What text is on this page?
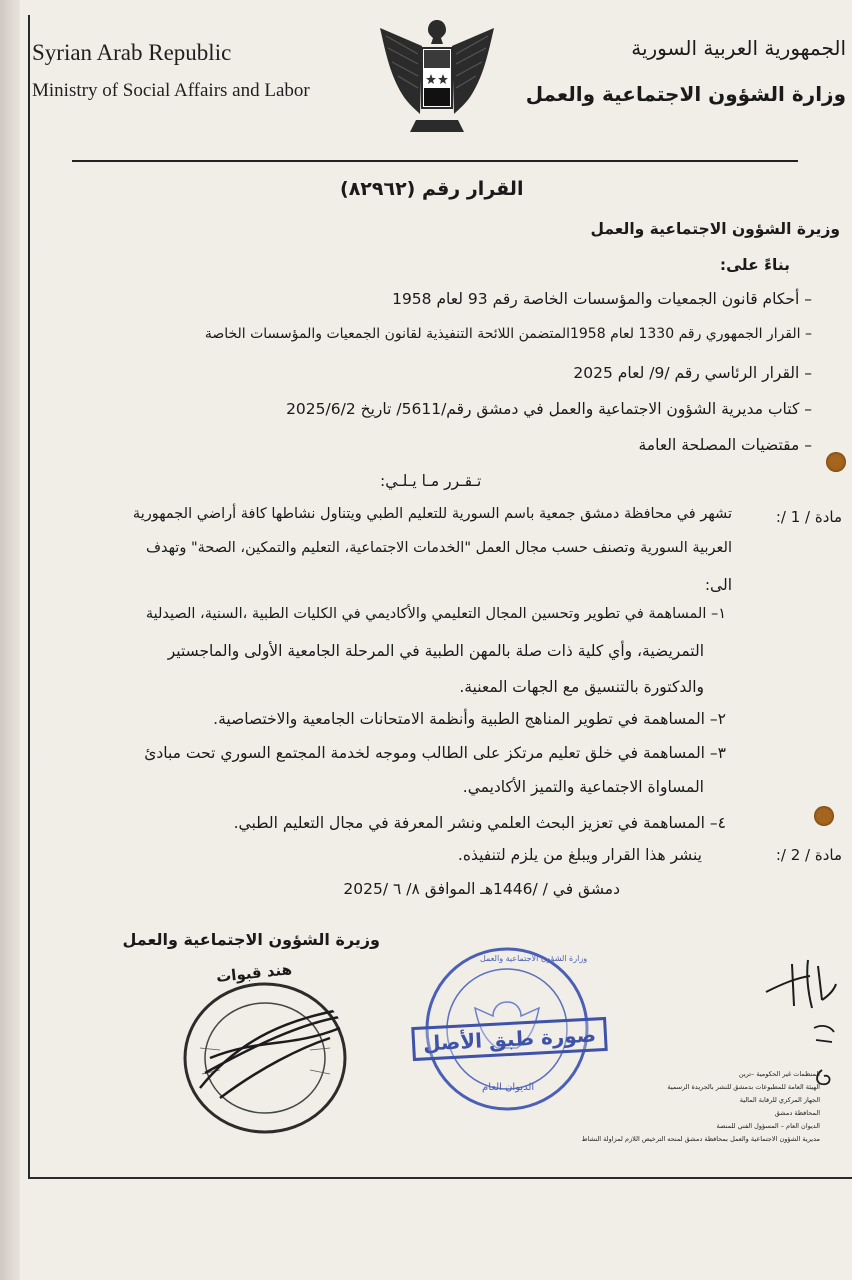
Syrian Arab Republic
Ministry of Social Affairs and Labor
الجمهورية العربية السورية
وزارة الشؤون الاجتماعية والعمل
القرار رقم (٨٢٩٦٢)
وزيرة الشؤون الاجتماعية والعمل
بناءً على:
– أحكام قانون الجمعيات والمؤسسات الخاصة رقم 93 لعام 1958
– القرار الجمهوري رقم 1330 لعام 1958المتضمن اللائحة التنفيذية لقانون الجمعيات والمؤسسات الخاصة
– القرار الرئاسي رقم /9/ لعام 2025
– كتاب مديرية الشؤون الاجتماعية والعمل في دمشق رقم/5611/ تاريخ 2025/6/2
– مقتضيات المصلحة العامة
تـقـرر مـا يـلـي:
مادة / 1 /:
تشهر في محافظة دمشق جمعية باسم السورية للتعليم الطبي ويتناول نشاطها كافة أراضي الجمهورية
العربية السورية وتصنف حسب مجال العمل "الخدمات الاجتماعية، التعليم والتمكين، الصحة" وتهدف
الى:
١– المساهمة في تطوير وتحسين المجال التعليمي والأكاديمي في الكليات الطبية ،السنية، الصيدلية
التمريضية، وأي كلية ذات صلة بالمهن الطبية في المرحلة الجامعية الأولى والماجستير
والدكتورة بالتنسيق مع الجهات المعنية.
٢– المساهمة في تطوير المناهج الطبية وأنظمة الامتحانات الجامعية والاختصاصية.
٣– المساهمة في خلق تعليم مرتكز على الطالب وموجه لخدمة المجتمع السوري تحت مبادئ
المساواة الاجتماعية والتميز الأكاديمي.
٤– المساهمة في تعزيز البحث العلمي ونشر المعرفة في مجال التعليم الطبي.
مادة / 2 /:
ينشر هذا القرار ويبلغ من يلزم لتنفيذه.
دمشق في / /1446هـ الموافق ٨/ ٦ /2025
وزيرة الشؤون الاجتماعية والعمل
هند قبوات
وزارة الشؤون الاجتماعية والعمل
الديوان العام
صورة طبق الأصل
المنظمات غير الحكومية –ترين
الهيئة العامة للمطبوعات بدمشق للنشر بالجريدة الرسمية
الجهاز المركزي للرقابة المالية
المحافظة دمشق
الديوان العام – المسؤول الفني للمنصة
مديرية الشؤون الاجتماعية والعمل بمحافظة دمشق لمنحه الترخيص اللازم لمزاولة النشاط
